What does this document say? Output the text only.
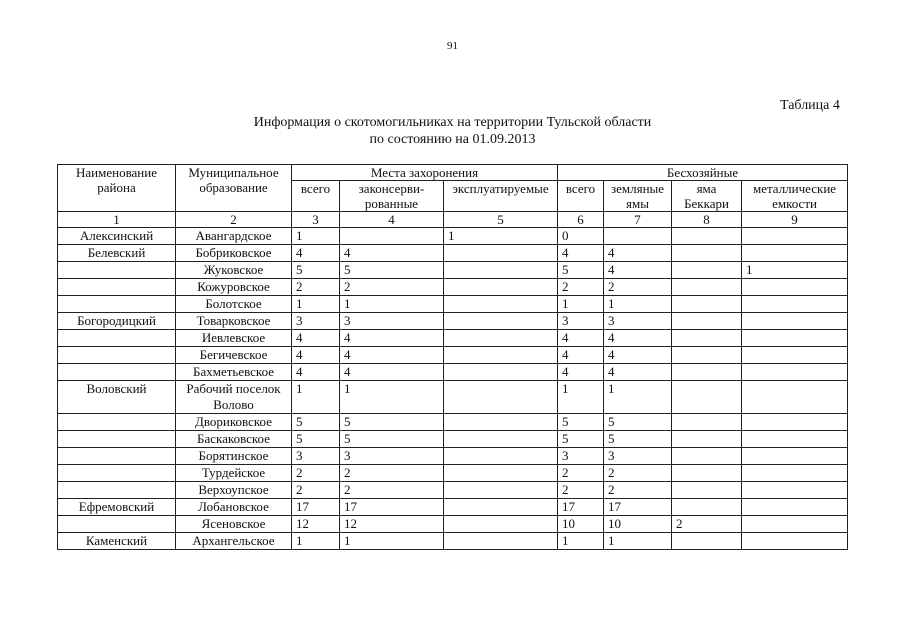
91
Таблица 4
Информация о скотомогильниках на территории Тульской области
по состоянию на 01.09.2013
Наименование района	Муниципальное образование	Места захоронения			Бесхозяйные			
		всего	законсерви-рованные	эксплуатируемые	всего	земляные ямы	яма Беккари	металлические емкости
1	2	3	4	5	6	7	8	9
Алексинский	Авангардское	1		1	0			
Белевский	Бобриковское	4	4		4	4		
	Жуковское	5	5		5	4		1
	Кожуровское	2	2		2	2		
	Болотское	1	1		1	1		
Богородицкий	Товарковское	3	3		3	3		
	Иевлевское	4	4		4	4		
	Бегичевское	4	4		4	4		
	Бахметьевское	4	4		4	4		
Воловский	Рабочий поселок Волово	1	1		1	1		
	Двориковское	5	5		5	5		
	Баскаковское	5	5		5	5		
	Борятинское	3	3		3	3		
	Турдейское	2	2		2	2		
	Верхоупское	2	2		2	2		
Ефремовский	Лобановское	17	17		17	17		
	Ясеновское	12	12		10	10	2	
Каменский	Архангельское	1	1		1	1		
